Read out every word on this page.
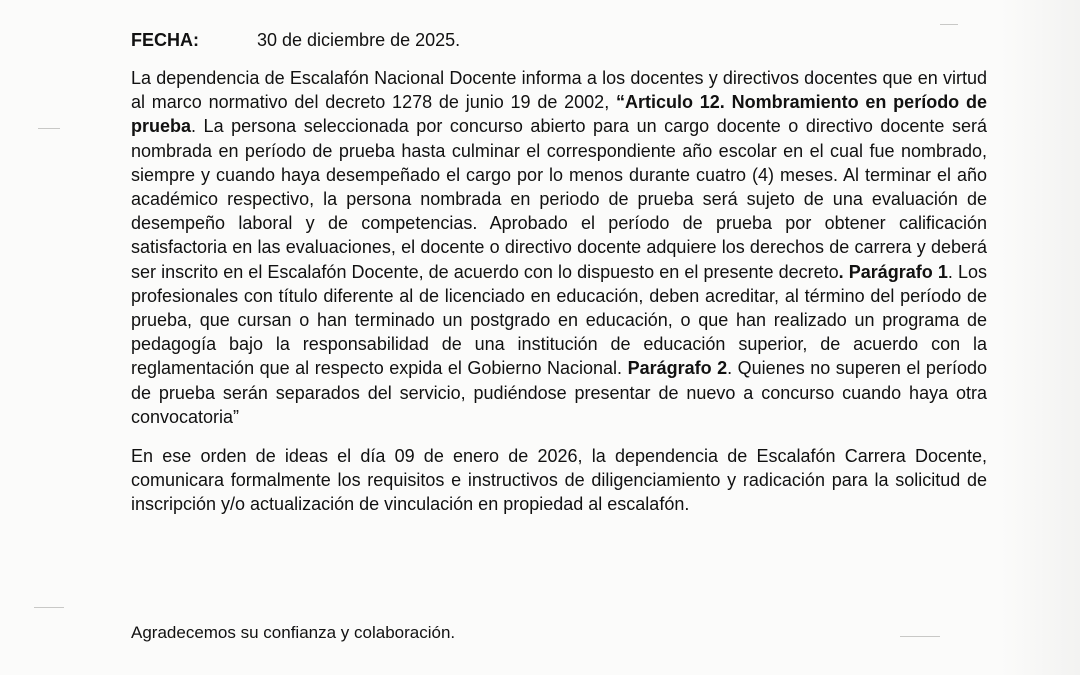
FECHA:	30 de diciembre de 2025.

La dependencia de Escalafón Nacional Docente informa a los docentes y directivos docentes que en virtud al marco normativo del decreto 1278 de junio 19 de 2002, “Articulo 12. Nombramiento en período de prueba. La persona seleccionada por concurso abierto para un cargo docente o directivo docente será nombrada en período de prueba hasta culminar el correspondiente año escolar en el cual fue nombrado, siempre y cuando haya desempeñado el cargo por lo menos durante cuatro (4) meses. Al terminar el año académico respectivo, la persona nombrada en periodo de prueba será sujeto de una evaluación de desempeño laboral y de competencias. Aprobado el período de prueba por obtener calificación satisfactoria en las evaluaciones, el docente o directivo docente adquiere los derechos de carrera y deberá ser inscrito en el Escalafón Docente, de acuerdo con lo dispuesto en el presente decreto. Parágrafo 1. Los profesionales con título diferente al de licenciado en educación, deben acreditar, al término del período de prueba, que cursan o han terminado un postgrado en educación, o que han realizado un programa de pedagogía bajo la responsabilidad de una institución de educación superior, de acuerdo con la reglamentación que al respecto expida el Gobierno Nacional. Parágrafo 2. Quienes no superen el período de prueba serán separados del servicio, pudiéndose presentar de nuevo a concurso cuando haya otra convocatoria”

En ese orden de ideas el día 09 de enero de 2026, la dependencia de Escalafón Carrera Docente, comunicara formalmente los requisitos e instructivos de diligenciamiento y radicación para la solicitud de inscripción y/o actualización de vinculación en propiedad al escalafón.

Agradecemos su confianza y colaboración.
